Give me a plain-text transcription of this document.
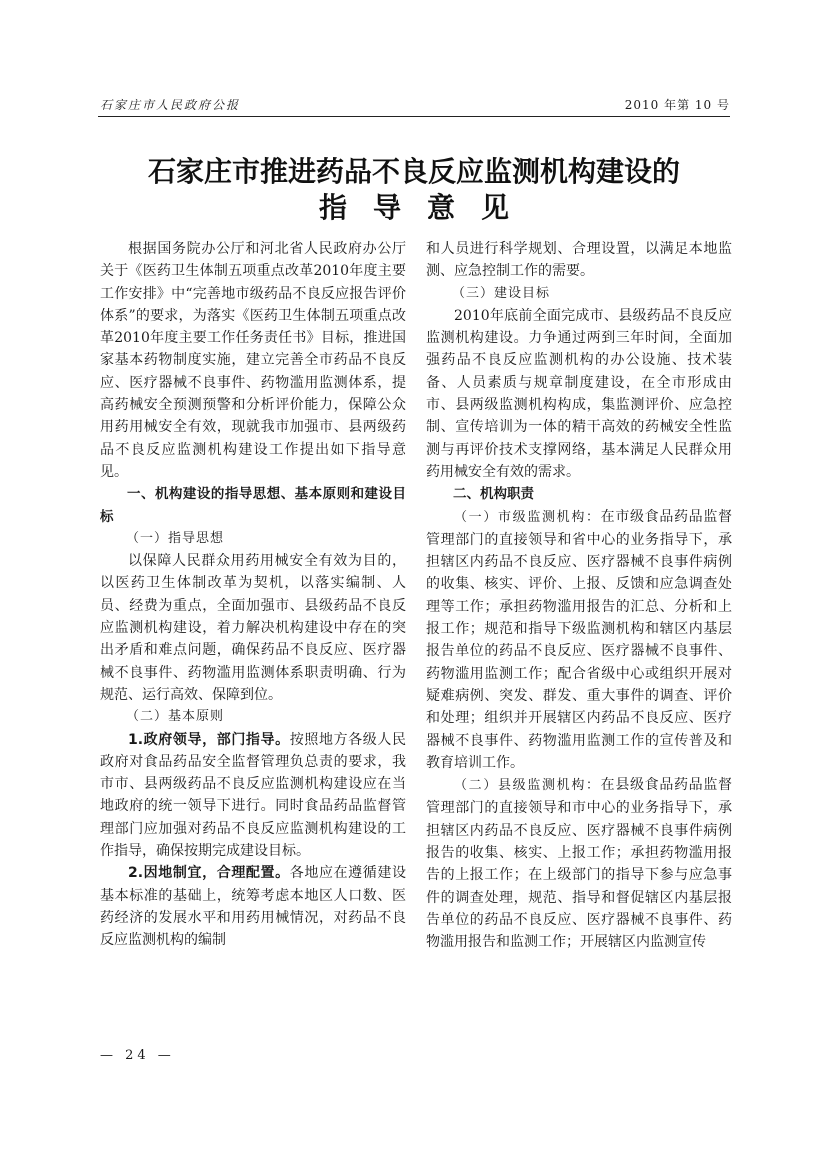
石家庄市人民政府公报	2010 年第 10 号
石家庄市推进药品不良反应监测机构建设的
指导意见

根据国务院办公厅和河北省人民政府办公厅关于《医药卫生体制五项重点改革2010年度主要工作安排》中“完善地市级药品不良反应报告评价体系”的要求，为落实《医药卫生体制五项重点改革2010年度主要工作任务责任书》目标，推进国家基本药物制度实施，建立完善全市药品不良反应、医疗器械不良事件、药物滥用监测体系，提高药械安全预测预警和分析评价能力，保障公众用药用械安全有效，现就我市加强市、县两级药品不良反应监测机构建设工作提出如下指导意见。

一、机构建设的指导思想、基本原则和建设目标

（一）指导思想

以保障人民群众用药用械安全有效为目的，以医药卫生体制改革为契机，以落实编制、人员、经费为重点，全面加强市、县级药品不良反应监测机构建设，着力解决机构建设中存在的突出矛盾和难点问题，确保药品不良反应、医疗器械不良事件、药物滥用监测体系职责明确、行为规范、运行高效、保障到位。

（二）基本原则

1.政府领导，部门指导。按照地方各级人民政府对食品药品安全监督管理负总责的要求，我市市、县两级药品不良反应监测机构建设应在当地政府的统一领导下进行。同时食品药品监督管理部门应加强对药品不良反应监测机构建设的工作指导，确保按期完成建设目标。

2.因地制宜，合理配置。各地应在遵循建设基本标准的基础上，统筹考虑本地区人口数、医药经济的发展水平和用药用械情况，对药品不良反应监测机构的编制

和人员进行科学规划、合理设置，以满足本地监测、应急控制工作的需要。

（三）建设目标

2010年底前全面完成市、县级药品不良反应监测机构建设。力争通过两到三年时间，全面加强药品不良反应监测机构的办公设施、技术装备、人员素质与规章制度建设，在全市形成由市、县两级监测机构构成，集监测评价、应急控制、宣传培训为一体的精干高效的药械安全性监测与再评价技术支撑网络，基本满足人民群众用药用械安全有效的需求。

二、机构职责

（一）市级监测机构：在市级食品药品监督管理部门的直接领导和省中心的业务指导下，承担辖区内药品不良反应、医疗器械不良事件病例的收集、核实、评价、上报、反馈和应急调查处理等工作；承担药物滥用报告的汇总、分析和上报工作；规范和指导下级监测机构和辖区内基层报告单位的药品不良反应、医疗器械不良事件、药物滥用监测工作；配合省级中心或组织开展对疑难病例、突发、群发、重大事件的调查、评价和处理；组织并开展辖区内药品不良反应、医疗器械不良事件、药物滥用监测工作的宣传普及和教育培训工作。

（二）县级监测机构：在县级食品药品监督管理部门的直接领导和市中心的业务指导下，承担辖区内药品不良反应、医疗器械不良事件病例报告的收集、核实、上报工作；承担药物滥用报告的上报工作；在上级部门的指导下参与应急事件的调查处理，规范、指导和督促辖区内基层报告单位的药品不良反应、医疗器械不良事件、药物滥用报告和监测工作；开展辖区内监测宣传

— 24 —
